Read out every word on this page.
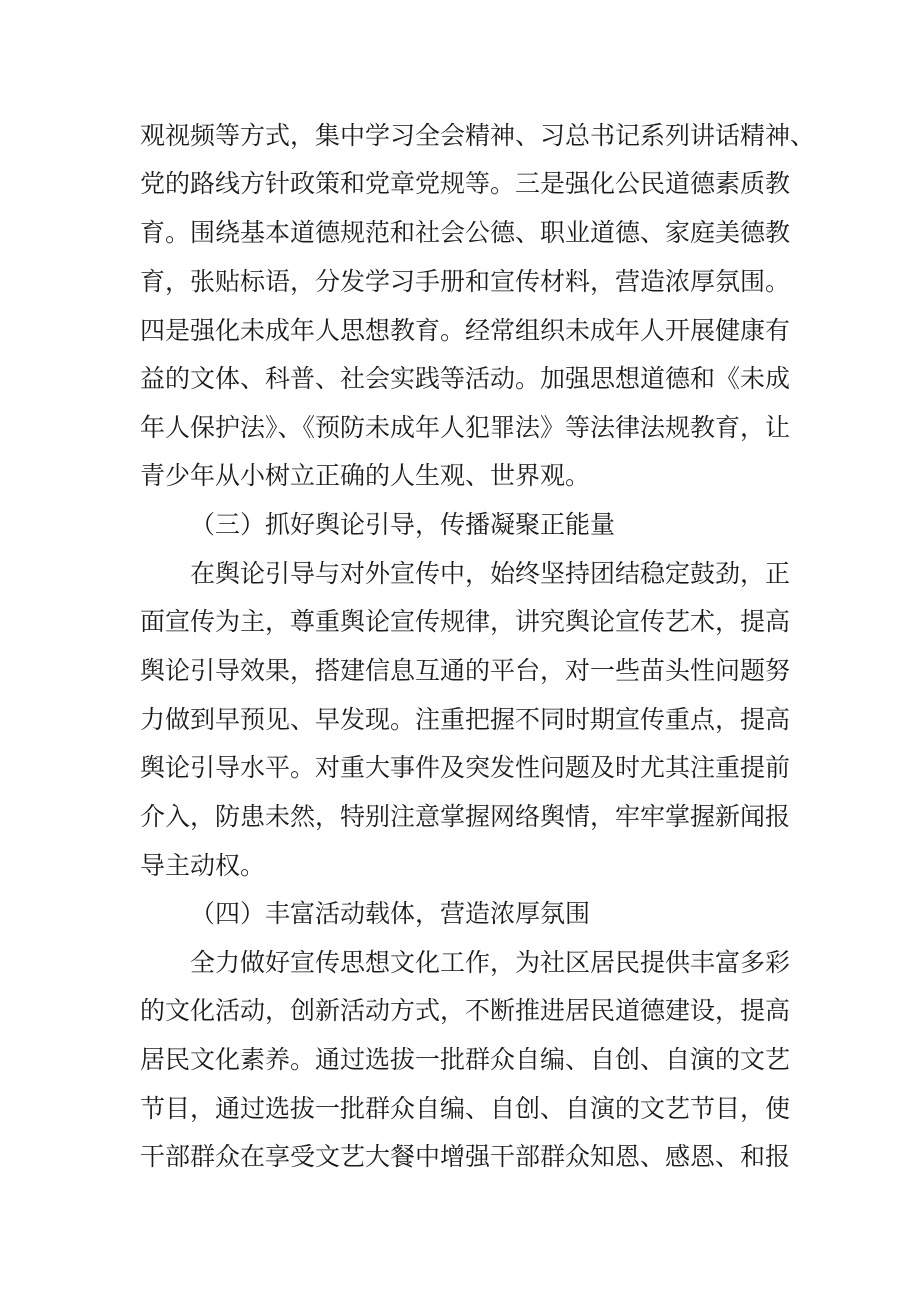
观视频等方式，集中学习全会精神、习总书记系列讲话精神、
党的路线方针政策和党章党规等。三是强化公民道德素质教
育。围绕基本道德规范和社会公德、职业道德、家庭美德教
育，张贴标语，分发学习手册和宣传材料，营造浓厚氛围。
四是强化未成年人思想教育。经常组织未成年人开展健康有
益的文体、科普、社会实践等活动。加强思想道德和《未成
年人保护法》、《预防未成年人犯罪法》等法律法规教育，让
青少年从小树立正确的人生观、世界观。
（三）抓好舆论引导，传播凝聚正能量
在舆论引导与对外宣传中，始终坚持团结稳定鼓劲，正
面宣传为主，尊重舆论宣传规律，讲究舆论宣传艺术，提高
舆论引导效果，搭建信息互通的平台，对一些苗头性问题努
力做到早预见、早发现。注重把握不同时期宣传重点，提高
舆论引导水平。对重大事件及突发性问题及时尤其注重提前
介入，防患未然，特别注意掌握网络舆情，牢牢掌握新闻报
导主动权。
（四）丰富活动载体，营造浓厚氛围
全力做好宣传思想文化工作，为社区居民提供丰富多彩
的文化活动，创新活动方式，不断推进居民道德建设，提高
居民文化素养。通过选拔一批群众自编、自创、自演的文艺
节目，通过选拔一批群众自编、自创、自演的文艺节目，使
干部群众在享受文艺大餐中增强干部群众知恩、感恩、和报
